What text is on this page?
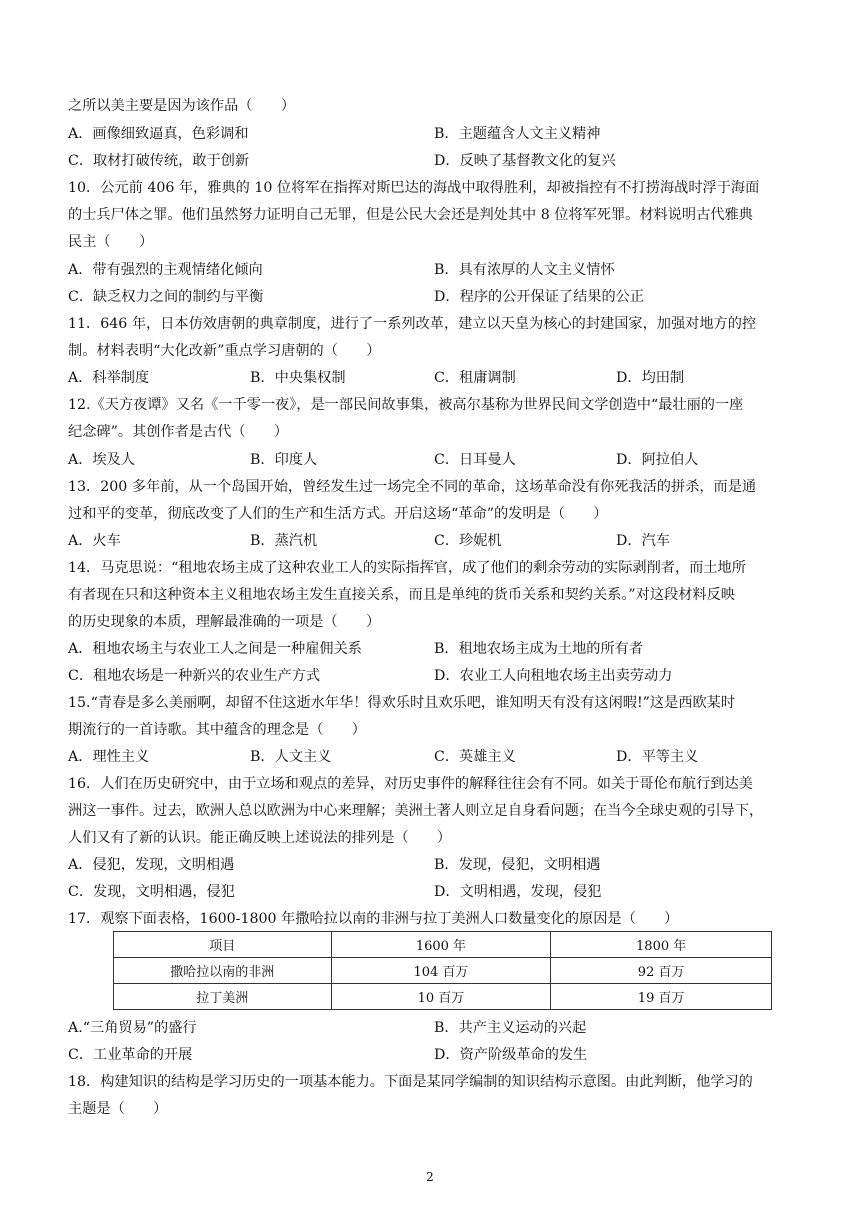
之所以美主要是因为该作品（　　）
A．画像细致逼真，色彩调和	B．主题蕴含人文主义精神
C．取材打破传统，敢于创新	D．反映了基督教文化的复兴
10．公元前 406 年，雅典的 10 位将军在指挥对斯巴达的海战中取得胜利，却被指控有不打捞海战时浮于海面
的士兵尸体之罪。他们虽然努力证明自己无罪，但是公民大会还是判处其中 8 位将军死罪。材料说明古代雅典
民主（　　）
A．带有强烈的主观情绪化倾向	B．具有浓厚的人文主义情怀
C．缺乏权力之间的制约与平衡	D．程序的公开保证了结果的公正
11．646 年，日本仿效唐朝的典章制度，进行了一系列改革，建立以天皇为核心的封建国家，加强对地方的控
制。材料表明“大化改新”重点学习唐朝的（　　）
A．科举制度	B．中央集权制	C．租庸调制	D．均田制
12.《天方夜谭》又名《一千零一夜》，是一部民间故事集，被高尔基称为世界民间文学创造中“最壮丽的一座
纪念碑”。其创作者是古代（　　）
A．埃及人	B．印度人	C．日耳曼人	D．阿拉伯人
13．200 多年前，从一个岛国开始，曾经发生过一场完全不同的革命，这场革命没有你死我活的拼杀，而是通
过和平的变革，彻底改变了人们的生产和生活方式。开启这场“革命”的发明是（　　）
A．火车	B．蒸汽机	C．珍妮机	D．汽车
14．马克思说：“租地农场主成了这种农业工人的实际指挥官，成了他们的剩余劳动的实际剥削者，而土地所
有者现在只和这种资本主义租地农场主发生直接关系，而且是单纯的货币关系和契约关系。”对这段材料反映
的历史现象的本质，理解最准确的一项是（　　）
A．租地农场主与农业工人之间是一种雇佣关系	B．租地农场主成为土地的所有者
C．租地农场是一种新兴的农业生产方式	D．农业工人向租地农场主出卖劳动力
15.“青春是多么美丽啊，却留不住这逝水年华！得欢乐时且欢乐吧，谁知明天有没有这闲暇!”这是西欧某时
期流行的一首诗歌。其中蕴含的理念是（　　）
A．理性主义	B．人文主义	C．英雄主义	D．平等主义
16．人们在历史研究中，由于立场和观点的差异，对历史事件的解释往往会有不同。如关于哥伦布航行到达美
洲这一事件。过去，欧洲人总以欧洲为中心来理解；美洲土著人则立足自身看问题；在当今全球史观的引导下，
人们又有了新的认识。能正确反映上述说法的排列是（　　）
A．侵犯，发现，文明相遇	B．发现，侵犯，文明相遇
C．发现，文明相遇，侵犯	D．文明相遇，发现，侵犯
17．观察下面表格，1600-1800 年撒哈拉以南的非洲与拉丁美洲人口数量变化的原因是（　　）
项目	1600 年	1800 年
撒哈拉以南的非洲	104 百万	92 百万
拉丁美洲	10 百万	19 百万
A.“三角贸易”的盛行	B．共产主义运动的兴起
C．工业革命的开展	D．资产阶级革命的发生
18．构建知识的结构是学习历史的一项基本能力。下面是某同学编制的知识结构示意图。由此判断，他学习的
主题是（　　）
2
